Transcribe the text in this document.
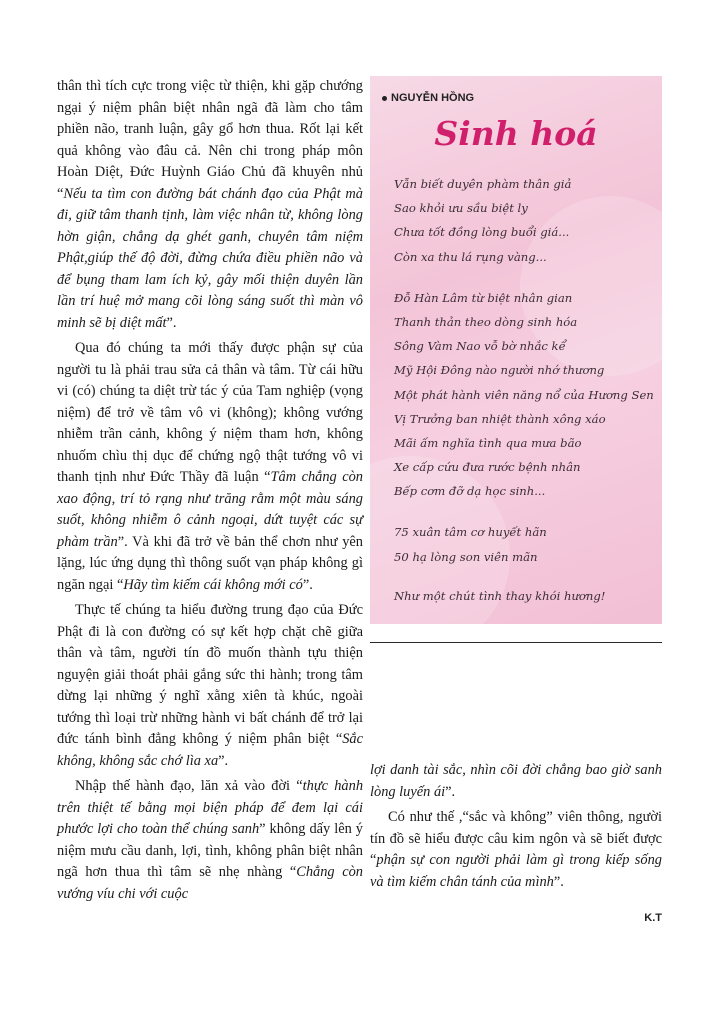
thân thì tích cực trong việc từ thiện, khi gặp chướng ngại ý niệm phân biệt nhân ngã đã làm cho tâm phiền não, tranh luận, gây gổ hơn thua. Rốt lại kết quả không vào đâu cả. Nên chi trong pháp môn Hoàn Diệt, Đức Huỳnh Giáo Chủ đã khuyên nhủ “Nếu ta tìm con đường bát chánh đạo của Phật mà đi, giữ tâm thanh tịnh, làm việc nhân từ, không lòng hờn giận, chẳng dạ ghét ganh, chuyên tâm niệm Phật,giúp thế độ đời, đừng chứa điều phiền não và để bụng tham lam ích kỷ, gây mối thiện duyên lần lần trí huệ mở mang cõi lòng sáng suốt thì màn vô minh sẽ bị diệt mất”.

Qua đó chúng ta mới thấy được phận sự của người tu là phải trau sửa cả thân và tâm. Từ cái hữu vi (có) chúng ta diệt trừ tác ý của Tam nghiệp (vọng niệm) để trở về tâm vô vi (không); không vướng nhiễm trần cảnh, không ý niệm tham hơn, không nhuốm chìu thị dục để chứng ngộ thật tướng vô vi thanh tịnh như Đức Thầy đã luận “Tâm chẳng còn xao động, trí tỏ rạng như trăng rằm một màu sáng suốt, không nhiễm ô cảnh ngoại, dứt tuyệt các sự phàm trần”. Và khi đã trở về bản thể chơn như yên lặng, lúc ứng dụng thì thông suốt vạn pháp không gì ngăn ngại “Hãy tìm kiếm cái không mới có”.

Thực tế chúng ta hiểu đường trung đạo của Đức Phật đi là con đường có sự kết hợp chặt chẽ giữa thân và tâm, người tín đồ muốn thành tựu thiện nguyện giải thoát phải gắng sức thi hành; trong tâm dừng lại những ý nghĩ xằng xiên tà khúc, ngoài tướng thì loại trừ những hành vi bất chánh để trở lại đức tánh bình đẳng không ý niệm phân biệt “Sắc không, không sắc chớ lìa xa”.

Nhập thế hành đạo, lăn xả vào đời “thực hành trên thiệt tế bằng mọi biện pháp để đem lại cái phước lợi cho toàn thể chúng sanh” không dấy lên ý niệm mưu cầu danh, lợi, tình, không phân biệt nhân ngã hơn thua thì tâm sẽ nhẹ nhàng “Chẳng còn vướng víu chi với cuộc

NGUYỄN HỒNG
Sinh hoá
Vẫn biết duyên phàm thân giả
Sao khỏi ưu sầu biệt ly
Chưa tốt đồng lòng buổi giá...
Còn xa thu lá rụng vàng...
Đỗ Hàn Lâm từ biệt nhân gian
Thanh thản theo dòng sinh hóa
Sông Vàm Nao vỗ bờ nhắc kể
Mỹ Hội Đông nào người nhớ thương
Một phát hành viên năng nổ của Hương Sen
Vị Trưởng ban nhiệt thành xông xáo
Mãi ấm nghĩa tình qua mưa bão
Xe cấp cứu đưa rước bệnh nhân
Bếp cơm đỡ dạ học sinh...
75 xuân tâm cơ huyết hãn
50 hạ lòng son viên mãn
Như một chút tình thay khói hương!

lợi danh tài sắc, nhìn cõi đời chẳng bao giờ sanh lòng luyến ái”.

Có như thế ,“sắc và không” viên thông, người tín đồ sẽ hiểu được câu kim ngôn và sẽ biết được “phận sự con người phải làm gì trong kiếp sống và tìm kiếm chân tánh của mình”.

K.T
